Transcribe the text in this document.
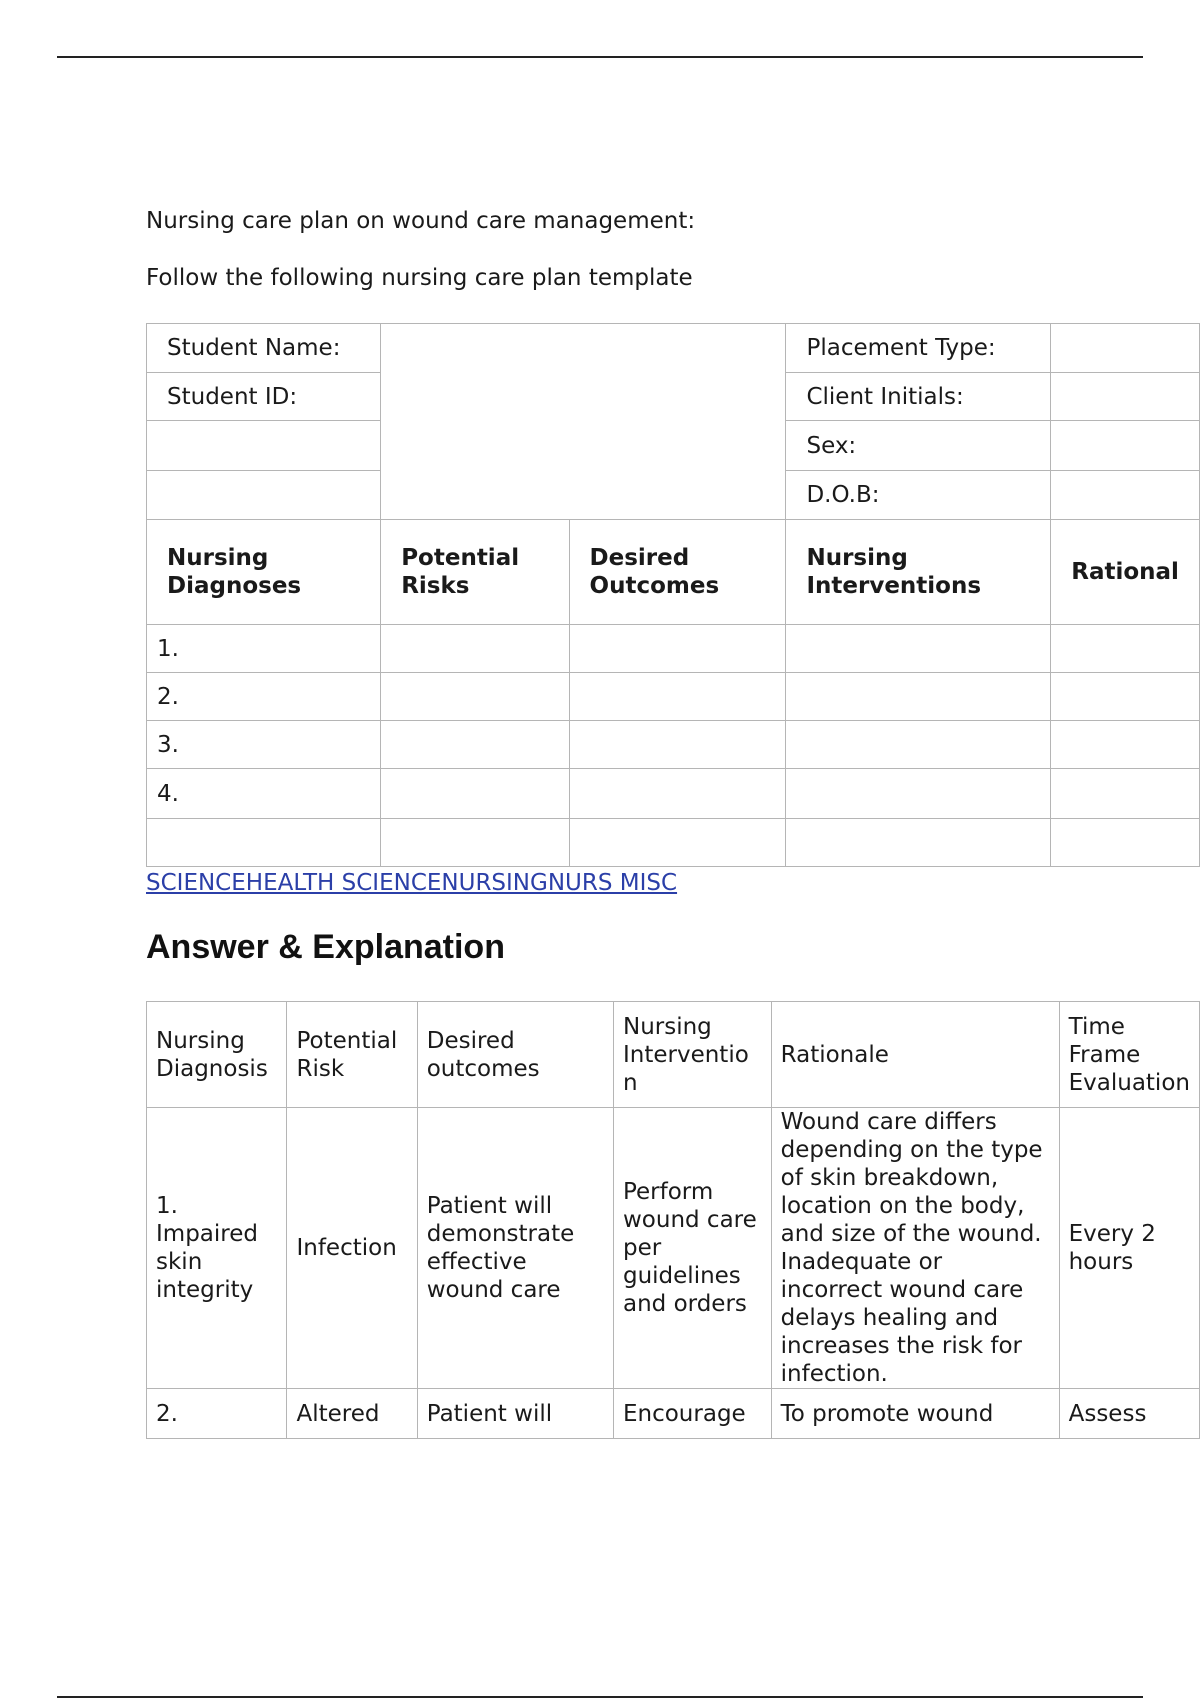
Nursing care plan on wound care management:
Follow the following nursing care plan template
Student Name:			Placement Type:	
Student ID:			Client Initials:	
			Sex:	
			D.O.B:	
Nursing Diagnoses	Potential Risks	Desired Outcomes	Nursing Interventions	Rational
1.				
2.				
3.				
4.				

SCIENCEHEALTH SCIENCENURSINGNURS MISC
Answer & Explanation
Nursing Diagnosis	Potential Risk	Desired outcomes	Nursing Interventio n	Rationale	Time Frame Evaluation
1. Impaired skin integrity	Infection	Patient will demonstrate effective wound care	Perform wound care per guidelines and orders	Wound care differs depending on the type of skin breakdown, location on the body, and size of the wound. Inadequate or incorrect wound care delays healing and increases the risk for infection.	Every 2 hours
2.	Altered	Patient will	Encourage	To promote wound	Assess
